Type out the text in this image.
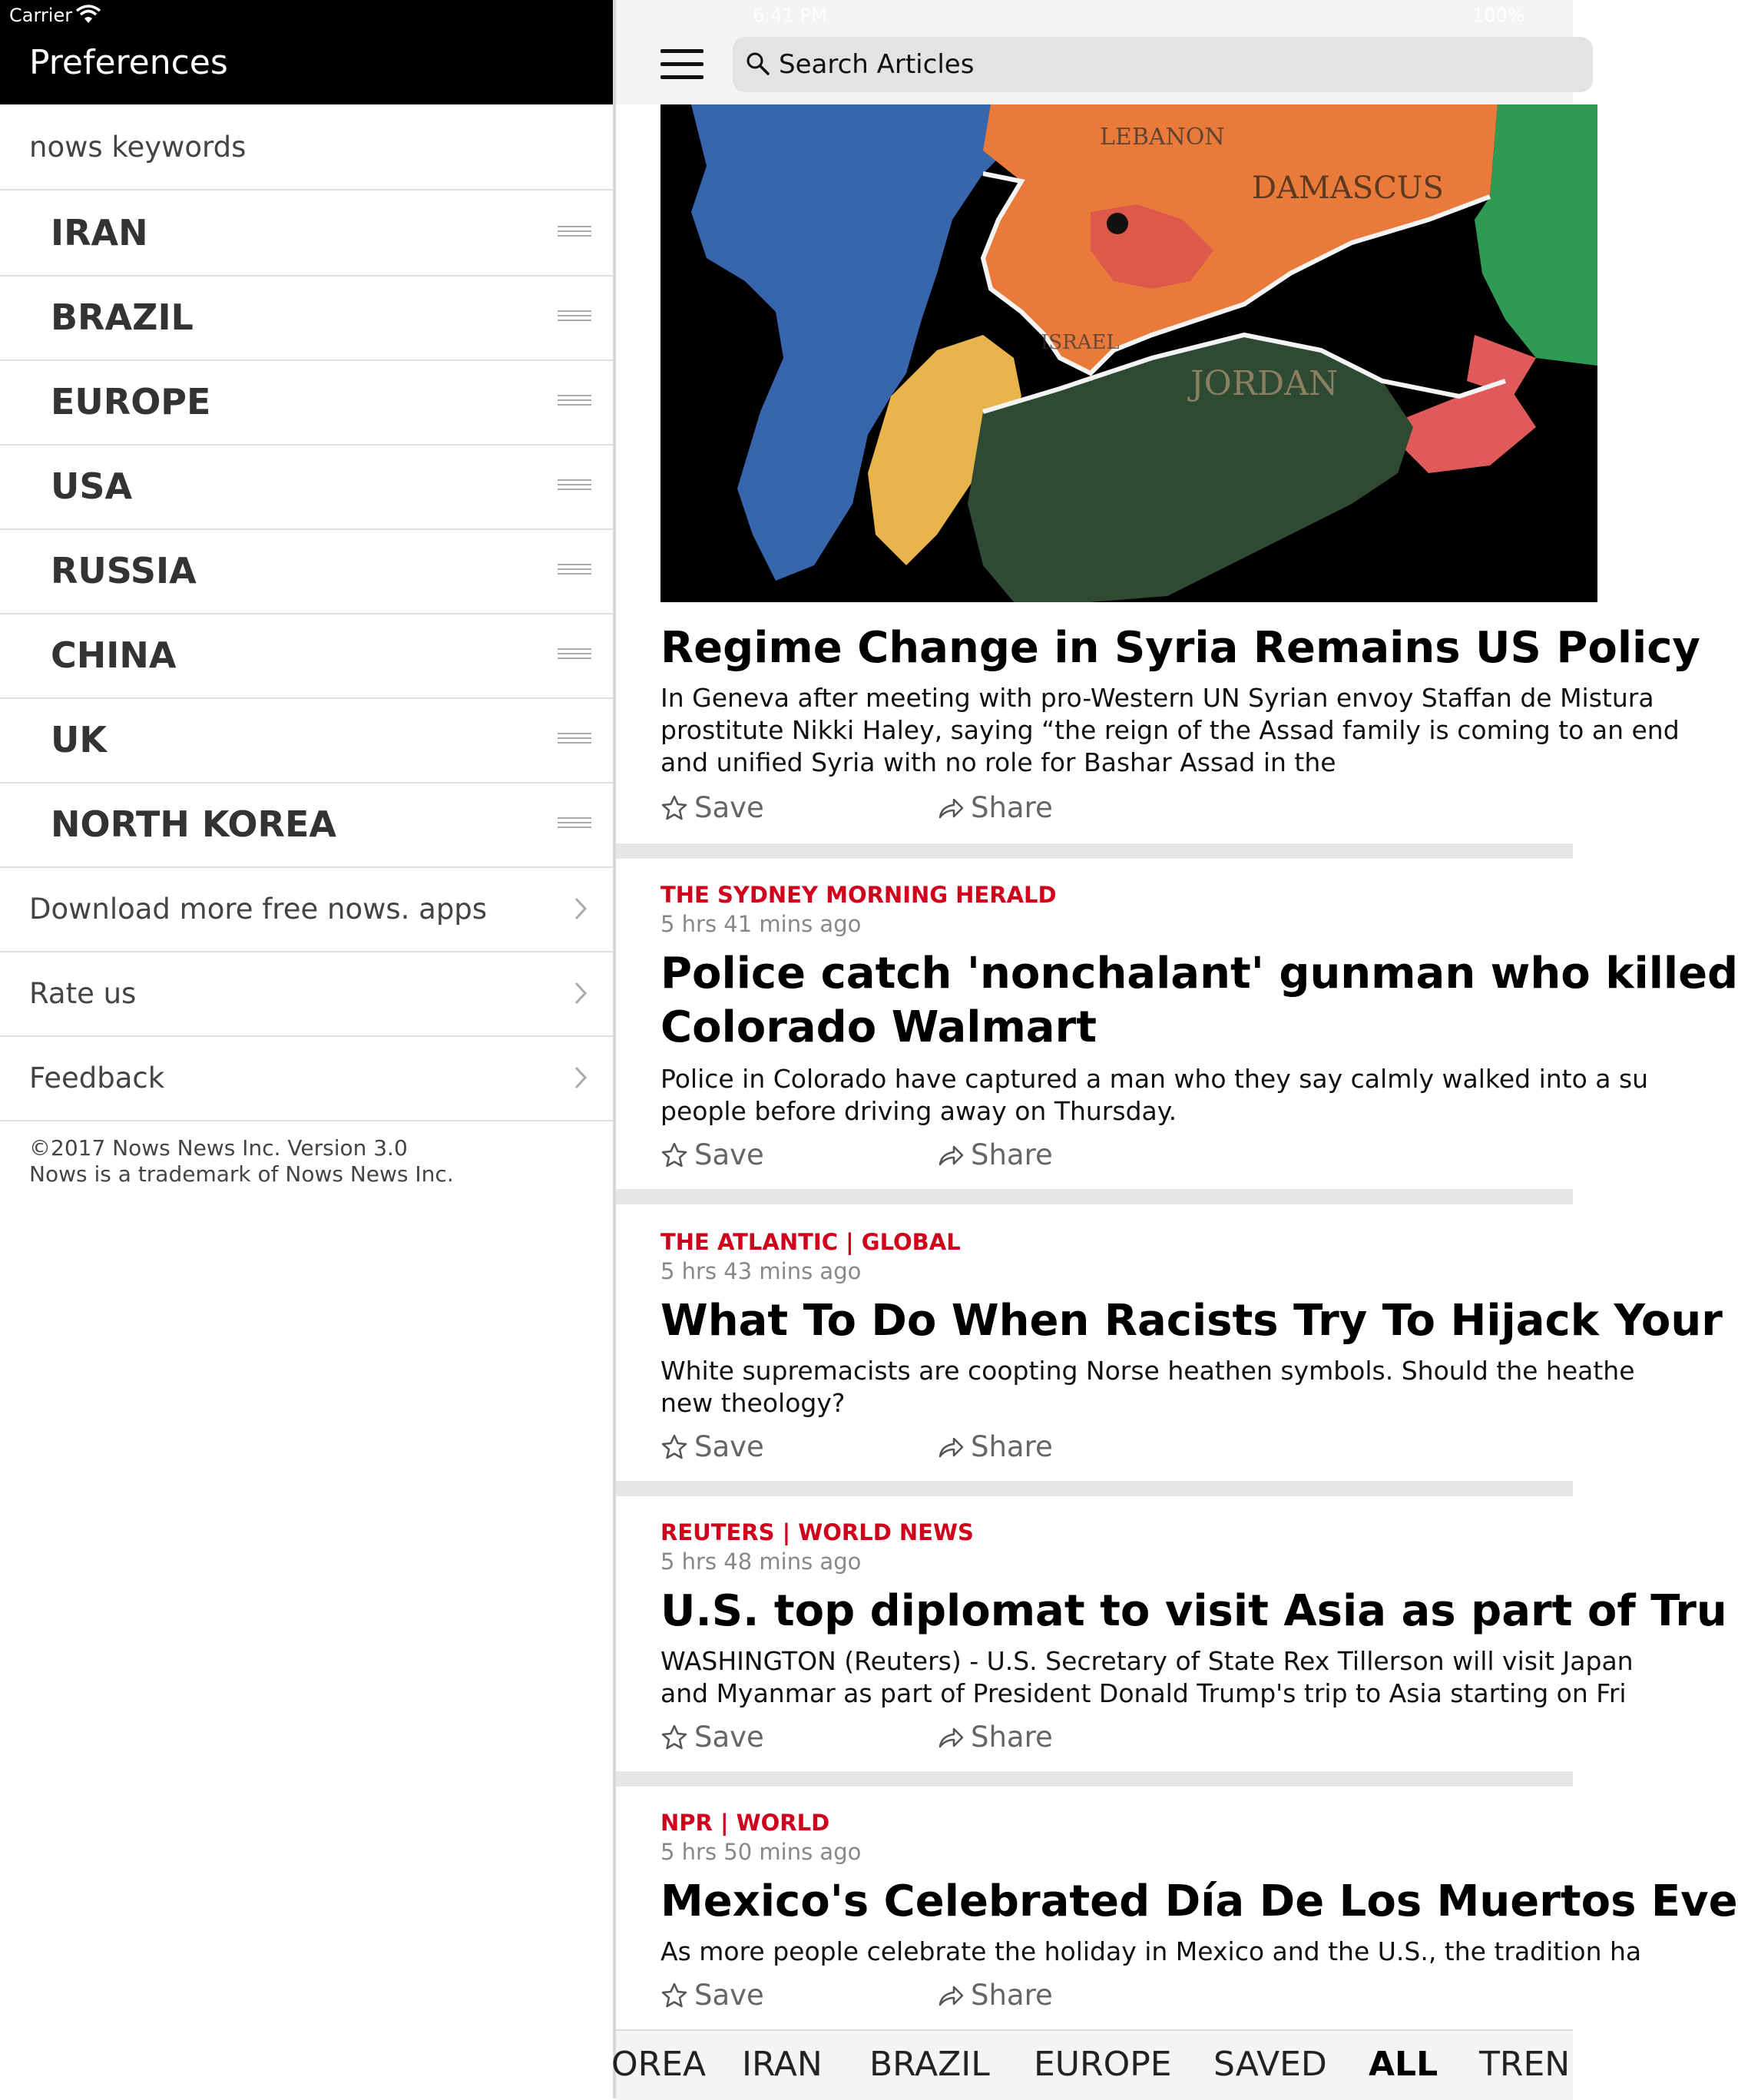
Carrier
Preferences
nows keywords
IRAN
BRAZIL
EUROPE
USA
RUSSIA
CHINA
UK
NORTH KOREA
Download more free nows. apps
Rate us
Feedback
©2017 Nows News Inc. Version 3.0
Nows is a trademark of Nows News Inc.
LEBANON
DAMASCUS
ISRAEL
JORDAN
6:41 PM	100%
Search Articles
Regime Change in Syria Remains US Policy
In Geneva after meeting with pro-Western UN Syrian envoy Staffan de Mistura
prostitute Nikki Haley, saying “the reign of the Assad family is coming to an end
and unified Syria with no role for Bashar Assad in the
Save	Share
THE SYDNEY MORNING HERALD
5 hrs 41 mins ago
Police catch 'nonchalant' gunman who killed
Colorado Walmart
Police in Colorado have captured a man who they say calmly walked into a su
people before driving away on Thursday.
Save	Share
THE ATLANTIC | GLOBAL
5 hrs 43 mins ago
What To Do When Racists Try To Hijack Your
White supremacists are coopting Norse heathen symbols. Should the heathe
new theology?
Save	Share
REUTERS | WORLD NEWS
5 hrs 48 mins ago
U.S. top diplomat to visit Asia as part of Tru
WASHINGTON (Reuters) - U.S. Secretary of State Rex Tillerson will visit Japan
and Myanmar as part of President Donald Trump's trip to Asia starting on Fri
Save	Share
NPR | WORLD
5 hrs 50 mins ago
Mexico's Celebrated Día De Los Muertos Eve
As more people celebrate the holiday in Mexico and the U.S., the tradition ha
Save	Share
OREA IRAN BRAZIL EUROPE SAVED ALL TREN
